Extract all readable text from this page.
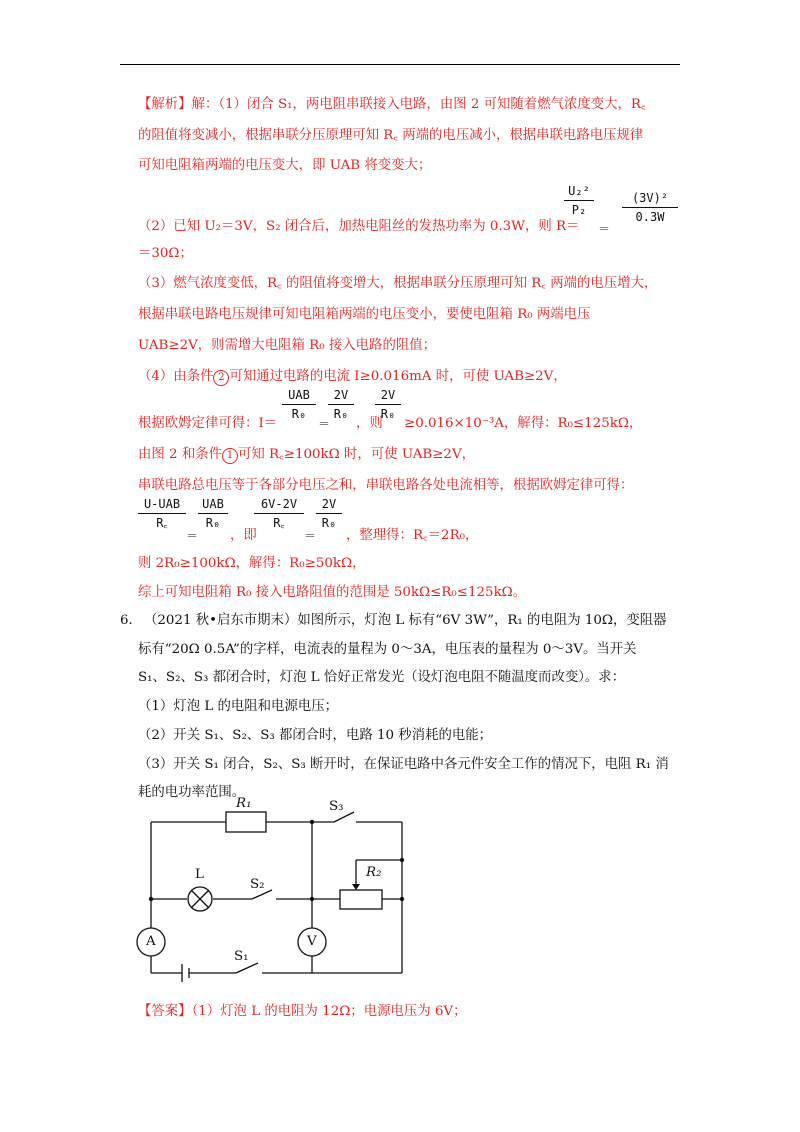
【解析】解：（1）闭合 S₁，两电阻串联接入电路，由图 2 可知随着燃气浓度变大，R꜀
的阻值将变减小，根据串联分压原理可知 R꜀ 两端的电压减小，根据串联电路电压规律
可知电阻箱两端的电压变大，即 UAB 将变变大；
（2）已知 U₂＝3V，S₂ 闭合后，加热电阻丝的发热功率为 0.3W，则 R＝
U₂²
P₂
＝
(3V)²
0.3W
＝30Ω；
（3）燃气浓度变低，R꜀ 的阻值将变增大，根据串联分压原理可知 R꜀ 两端的电压增大，
根据串联电路电压规律可知电阻箱两端的电压变小，要使电阻箱 R₀ 两端电压
UAB≥2V，则需增大电阻箱 R₀ 接入电路的阻值；
（4）由条件 2 可知通过电路的电流 I≥0.016mA 时，可使 UAB≥2V，
根据欧姆定律可得：I＝
UAB
R₀
＝
2V
R₀
，则
2V
R₀
≥0.016×10⁻³A，解得：R₀≤125kΩ，
由图 2 和条件 1 可知 R꜀≥100kΩ 时，可使 UAB≥2V，
串联电路总电压等于各部分电压之和，串联电路各处电流相等，根据欧姆定律可得：
U-UAB
R꜀
＝
UAB
R₀
，即
6V-2V
R꜀
＝
2V
R₀
，整理得：R꜀＝2R₀，
则 2R₀≥100kΩ，解得：R₀≥50kΩ，
综上可知电阻箱 R₀ 接入电路阻值的范围是 50kΩ≤R₀≤125kΩ。
6． （2021 秋•启东市期末）如图所示，灯泡 L 标有“6V 3W”，R₁ 的电阻为 10Ω，变阻器
标有“20Ω 0.5A”的字样，电流表的量程为 0～3A，电压表的量程为 0～3V。当开关
S₁、S₂、S₃ 都闭合时，灯泡 L 恰好正常发光（设灯泡电阻不随温度而改变）。求：
（1）灯泡 L 的电阻和电源电压；
（2）开关 S₁、S₂、S₃ 都闭合时，电路 10 秒消耗的电能；
（3）开关 S₁ 闭合，S₂、S₃ 断开时，在保证电路中各元件安全工作的情况下，电阻 R₁ 消
耗的电功率范围。
R₁	S₃
R₂
L
S₂
A	V
S₁
【答案】（1）灯泡 L 的电阻为 12Ω；电源电压为 6V；
